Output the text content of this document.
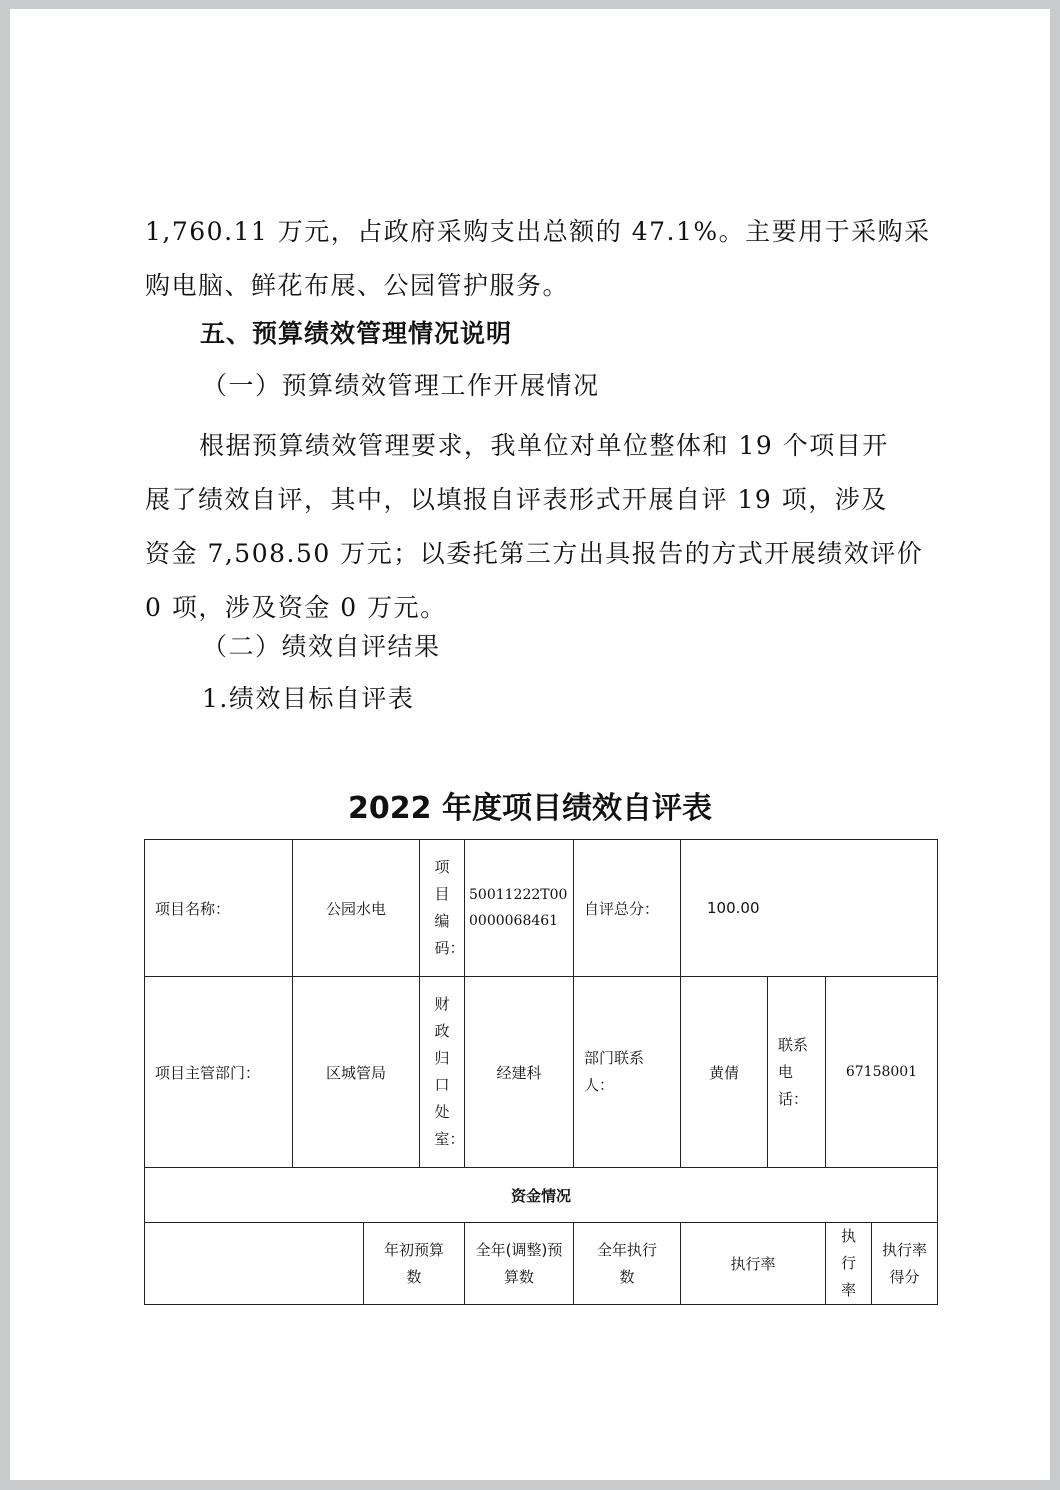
1,760.11 万元，占政府采购支出总额的 47.1%。主要用于采购采
购电脑、鲜花布展、公园管护服务。

五、预算绩效管理情况说明

（一）预算绩效管理工作开展情况

根据预算绩效管理要求，我单位对单位整体和 19 个项目开
展了绩效自评，其中，以填报自评表形式开展自评 19 项，涉及
资金 7,508.50 万元；以委托第三方出具报告的方式开展绩效评价
0 项，涉及资金 0 万元。

（二）绩效自评结果

1.绩效目标自评表

2022 年度项目绩效自评表

项目名称：	公园水电		项目编码：	50011222T000000068461	自评总分：	100.00			
项目主管部门：	区城管局		财政归口处室：	经建科	部门联系人：	黄倩	联系电话：	67158001	
资金情况									
		年初预算数		全年(调整)预算数	全年执行数	执行率		执行率	执行率得分
